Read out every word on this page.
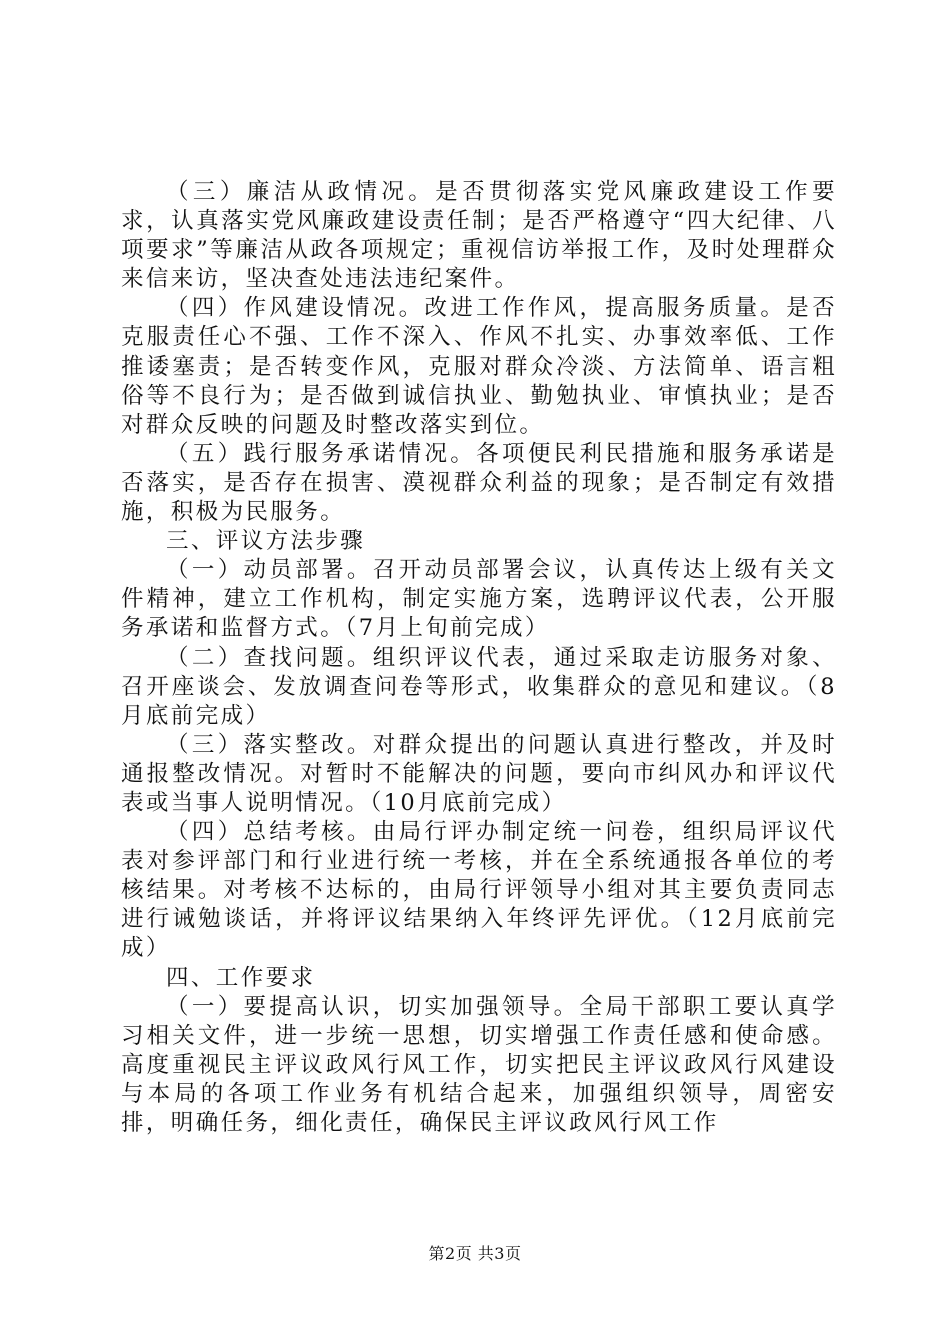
（三）廉洁从政情况。是否贯彻落实党风廉政建设工作要求，认真落实党风廉政建设责任制；是否严格遵守“四大纪律、八项要求”等廉洁从政各项规定；重视信访举报工作，及时处理群众来信来访，坚决查处违法违纪案件。

（四）作风建设情况。改进工作作风，提高服务质量。是否克服责任心不强、工作不深入、作风不扎实、办事效率低、工作推诿塞责；是否转变作风，克服对群众冷淡、方法简单、语言粗俗等不良行为；是否做到诚信执业、勤勉执业、审慎执业；是否对群众反映的问题及时整改落实到位。

（五）践行服务承诺情况。各项便民利民措施和服务承诺是否落实，是否存在损害、漠视群众利益的现象；是否制定有效措施，积极为民服务。

三、评议方法步骤

（一）动员部署。召开动员部署会议，认真传达上级有关文件精神，建立工作机构，制定实施方案，选聘评议代表，公开服务承诺和监督方式。（7月上旬前完成）

（二）查找问题。组织评议代表，通过采取走访服务对象、召开座谈会、发放调查问卷等形式，收集群众的意见和建议。（8月底前完成）

（三）落实整改。对群众提出的问题认真进行整改，并及时通报整改情况。对暂时不能解决的问题，要向市纠风办和评议代表或当事人说明情况。（10月底前完成）

（四）总结考核。由局行评办制定统一问卷，组织局评议代表对参评部门和行业进行统一考核，并在全系统通报各单位的考核结果。对考核不达标的，由局行评领导小组对其主要负责同志进行诫勉谈话，并将评议结果纳入年终评先评优。（12月底前完成）

四、工作要求

（一）要提高认识，切实加强领导。全局干部职工要认真学习相关文件，进一步统一思想，切实增强工作责任感和使命感。高度重视民主评议政风行风工作，切实把民主评议政风行风建设与本局的各项工作业务有机结合起来，加强组织领导，周密安排，明确任务，细化责任，确保民主评议政风行风工作

第2页 共3页
